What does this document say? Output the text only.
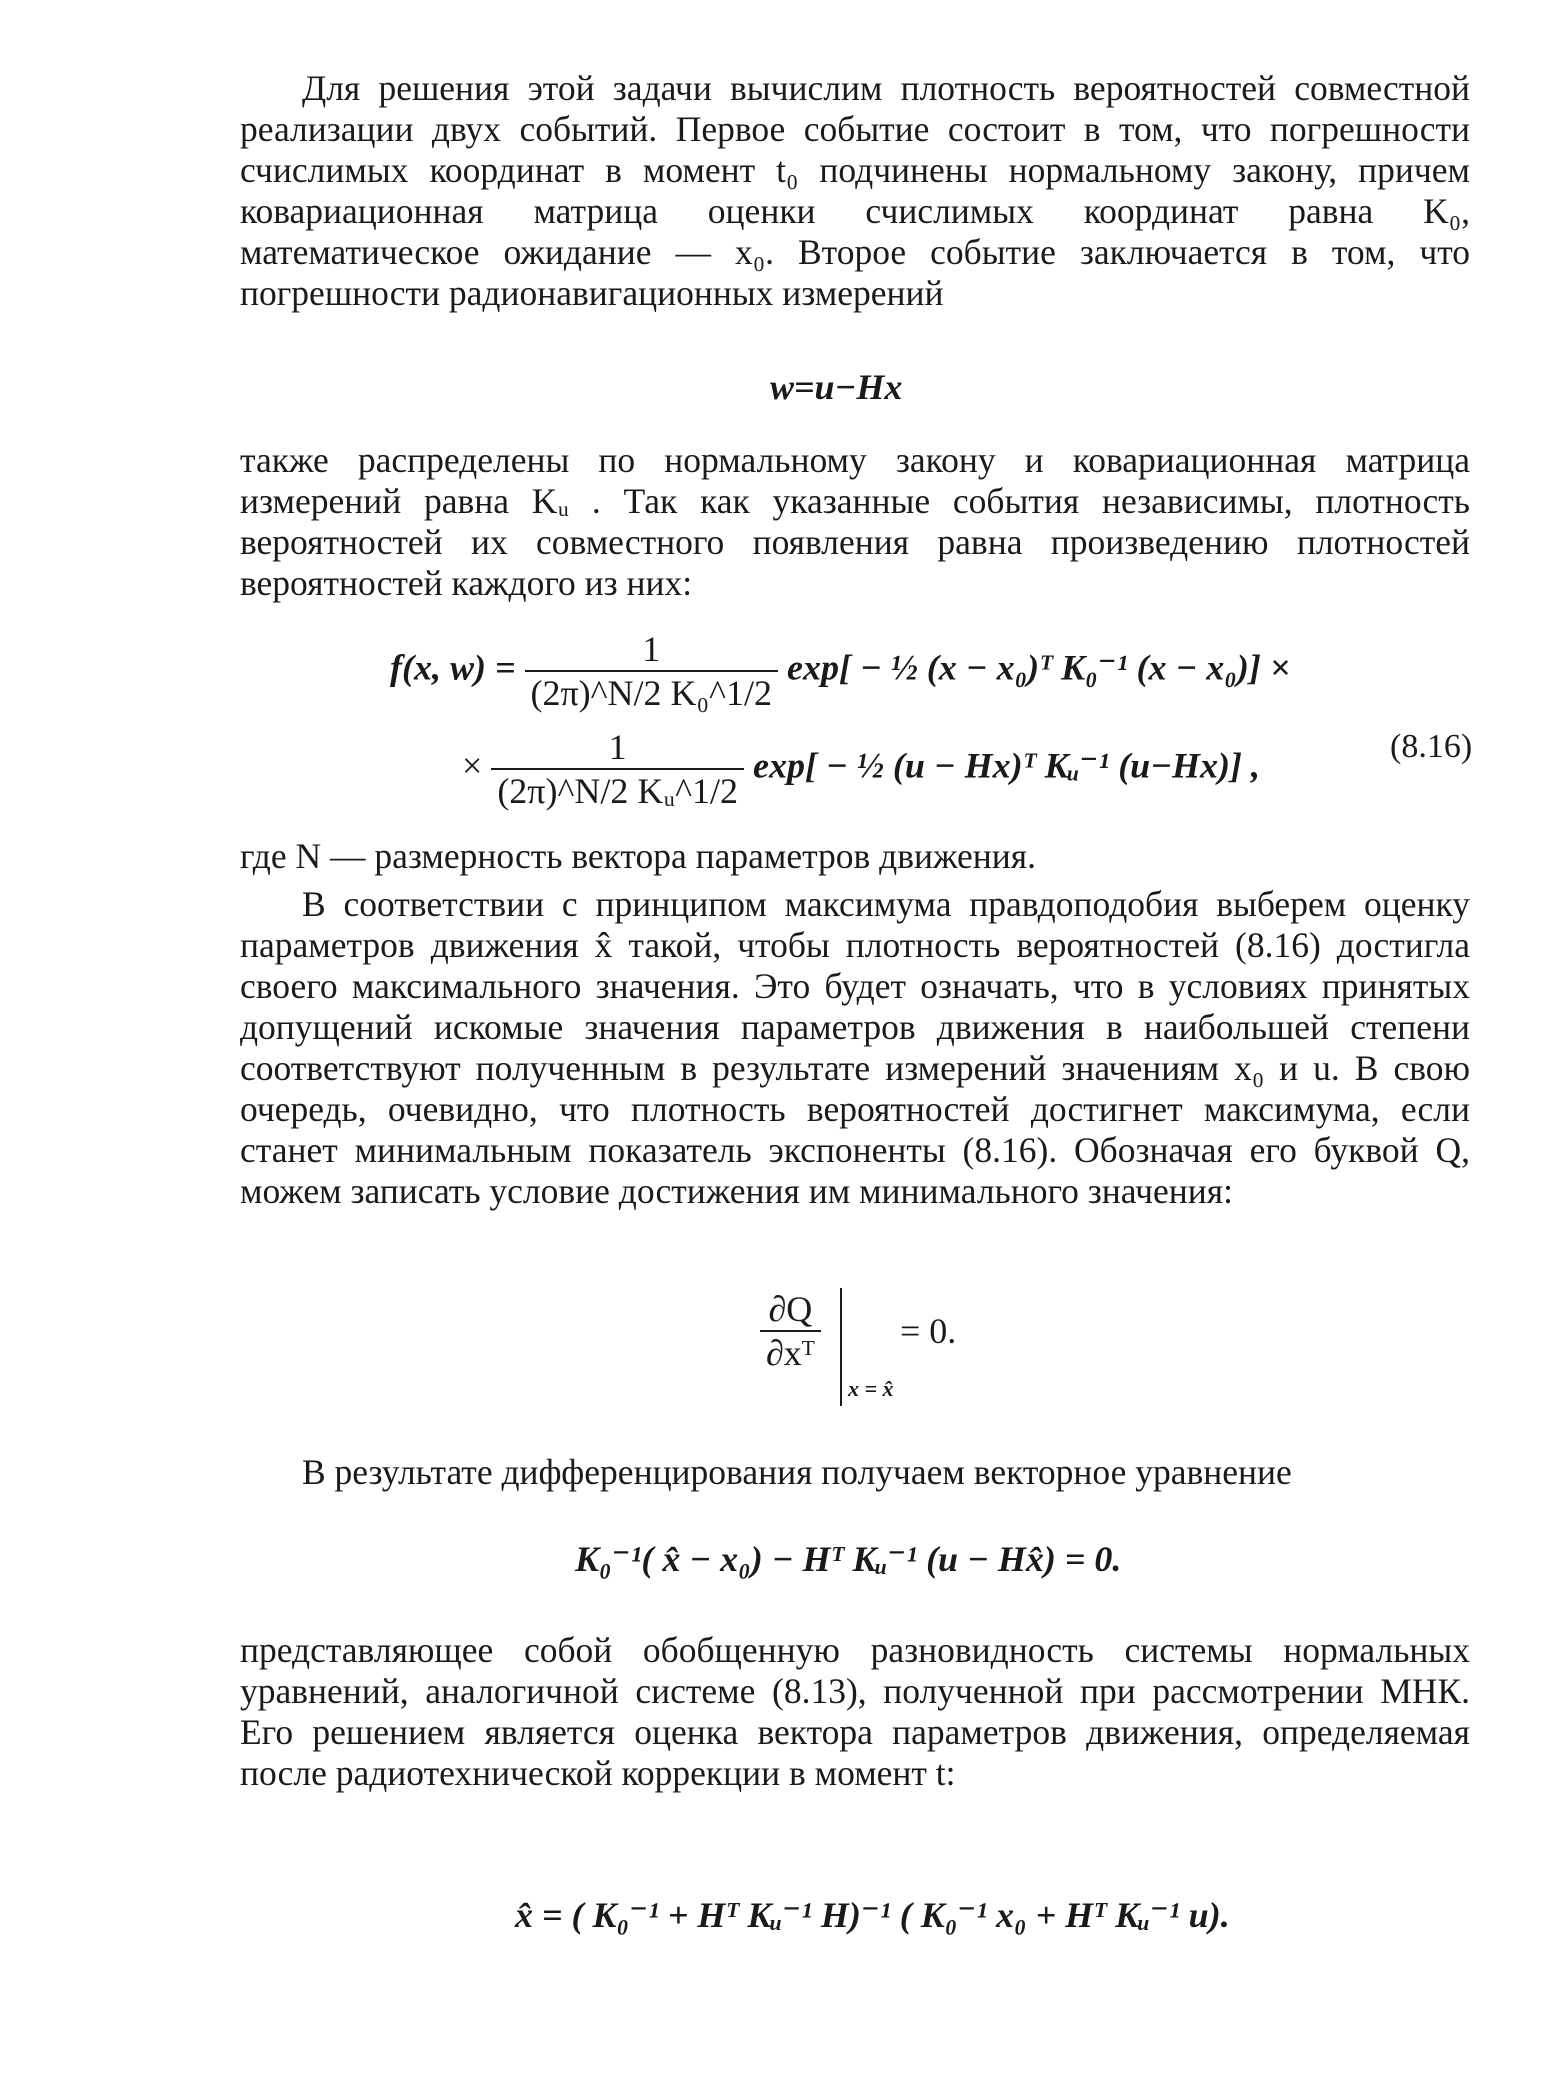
Для решения этой задачи вычислим плотность вероятностей совместной реализации двух событий. Первое событие состоит в том, что погрешности счислимых координат в момент t₀ подчинены нормальному закону, причем ковариационная матрица оценки счислимых координат равна K₀, математическое ожидание — x₀. Второе событие заключается в том, что погрешности радионавигационных измерений

w=u−Hx

также распределены по нормальному закону и ковариационная матрица измерений равна Kᵤ . Так как указанные события независимы, плотность вероятностей их совместного появления равна произведению плотностей вероятностей каждого из них:

f(x, $w) = \frac{1}{\text{(2π)\textasciicircum{}N/2 K₀\textasciicircum{}1/2}} \exp$[ − ½ (x − x₀)ᵀ K₀⁻¹ (x − x₀)] ×
× $\frac{1}{\text{(2π)\textasciicircum{}N/2 Kᵤ\textasciicircum{}1/2}} \exp$[ − ½ (u − Hx)ᵀ Kᵤ⁻¹ (u−Hx)] ,	(8.16)

где N — размерность вектора параметров движения.

В соответствии с принципом максимума правдоподобия выберем оценку параметров движения x̂ такой, чтобы плотность вероятностей (8.16) достигла своего максимального значения. Это будет означать, что в условиях принятых допущений искомые значения параметров движения в наибольшей степени соответствуют полученным в результате измерений значениям x₀ и u. В свою очередь, очевидно, что плотность вероятностей достигнет максимума, если станет минимальным показатель экспоненты (8.16). Обозначая его буквой Q, можем записать условие достижения им минимального значения:

$\frac{\partial Q}{\text{∂xᵀ}}$
x = x̂
= 0.

В результате дифференцирования получаем векторное уравнение

K₀⁻¹( x̂ − x₀) − Hᵀ Kᵤ⁻¹ (u − Hx̂) = 0.

представляющее собой обобщенную разновидность системы нормальных уравнений, аналогичной системе (8.13), полученной при рассмотрении МНК. Его решением является оценка вектора параметров движения, определяемая после радиотехнической коррекции в момент t:

x̂ = ( K₀⁻¹ + Hᵀ Kᵤ⁻¹ H)⁻¹ ( K₀⁻¹ x₀ + Hᵀ Kᵤ⁻¹ u).
